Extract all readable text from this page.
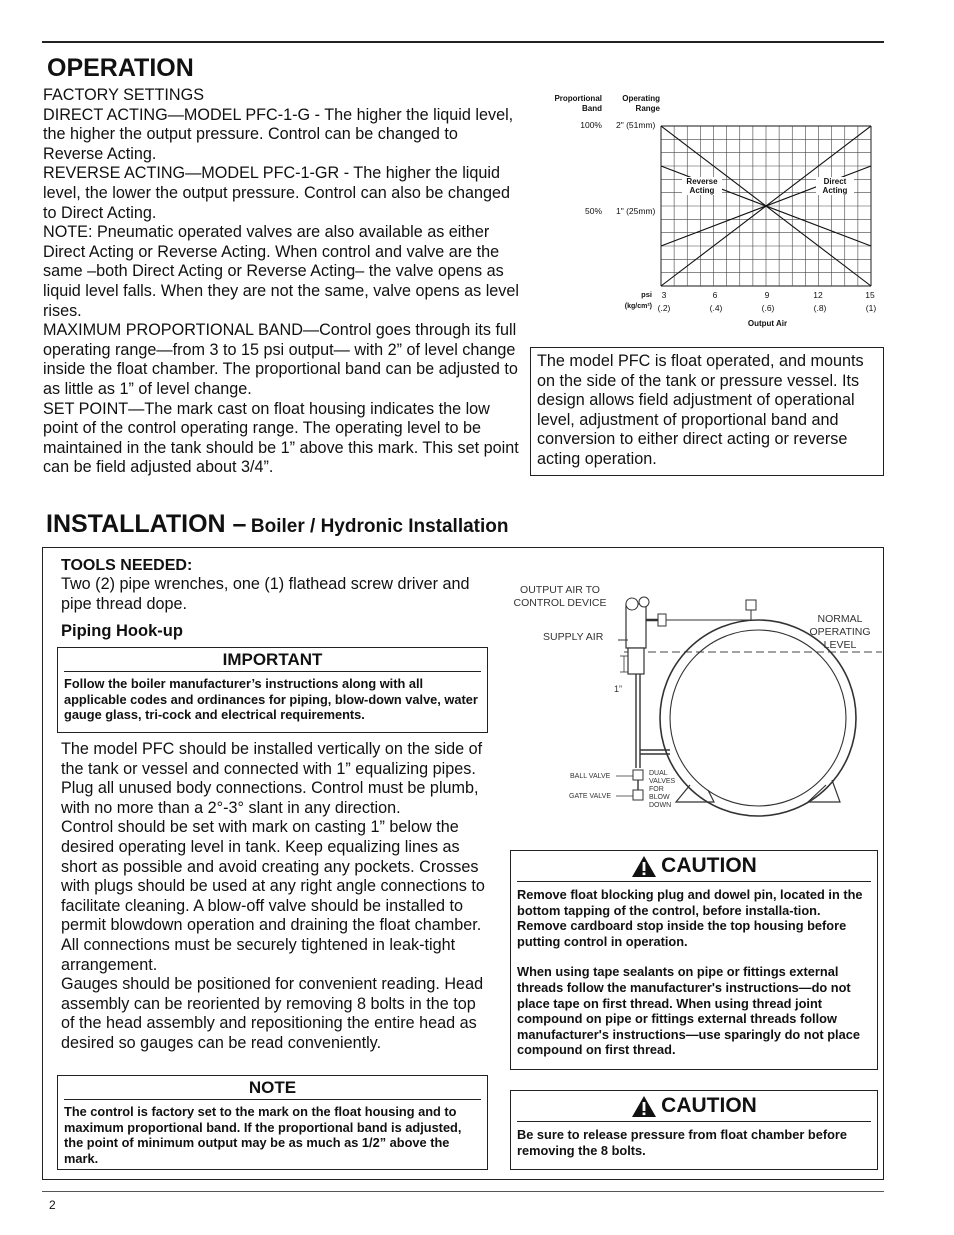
OPERATION

FACTORY SETTINGS

DIRECT ACTING—MODEL PFC-1-G - The higher the liquid level, the higher the output pressure. Control can be changed to Reverse Acting.

REVERSE ACTING—MODEL PFC-1-GR - The higher the liquid level, the lower the output pressure. Control can also be changed to Direct Acting.

NOTE: Pneumatic operated valves are also available as either Direct Acting or Reverse Acting. When control and valve are the same –both Direct Acting or Reverse Acting– the valve opens as liquid level falls. When they are not the same, valve opens as level rises.

MAXIMUM PROPORTIONAL BAND—Control goes through its full operating range—from 3 to 15 psi output— with 2” of level change inside the float chamber. The proportional band can be adjusted to as little as 1” of level change.

SET POINT—The mark cast on float housing indicates the low point of the control operating range. The operating level to be maintained in the tank should be 1” above this mark. This set point can be field adjusted about 3/4”.

Proportional Band
Operating Range
100% 2" (51mm)
50% 1" (25mm)
psi
(kg/cm²)
3	6	9	12	15
(.2)	(.4)	(.6)	(.8)	(1)
Output Air
Reverse Acting
Direct Acting
The model PFC is float operated, and mounts on the side of the tank or pressure vessel. Its design allows field adjustment of operational level, adjustment of proportional band and conversion to either direct acting or reverse acting operation.
INSTALLATION – Boiler / Hydronic Installation
TOOLS NEEDED:
Two (2) pipe wrenches, one (1) flathead screw driver and pipe thread dope.
Piping Hook-up
IMPORTANT
Follow the boiler manufacturer’s instructions along with all applicable codes and ordinances for piping, blow-down valve, water gauge glass, tri-cock and electrical requirements.

The model PFC should be installed vertically on the side of the tank or vessel and connected with 1” equalizing pipes. Plug all unused body connections. Control must be plumb, with no more than a 2°-3° slant in any direction.

Control should be set with mark on casting 1” below the desired operating level in tank. Keep equalizing lines as short as possible and avoid creating any pockets. Crosses with plugs should be used at any right angle connections to facilitate cleaning. A blow-off valve should be installed to permit blowdown operation and draining the float chamber. All connections must be securely tightened in leak-tight arrangement.

Gauges should be positioned for convenient reading. Head assembly can be reoriented by removing 8 bolts in the top of the head assembly and repositioning the entire head as desired so gauges can be read conveniently.

NOTE
The control is factory set to the mark on the float housing and to maximum proportional band. If the proportional band is adjusted, the point of minimum output may be as much as 1/2” above the mark.
OUTPUT AIR TO CONTROL DEVICE
SUPPLY AIR
NORMAL OPERATING LEVEL
1”
BALL VALVE
GATE VALVE
DUAL VALVES FOR BLOW DOWN
CAUTION

Remove float blocking plug and dowel pin, located in the bottom tapping of the control, before installa-tion. Remove cardboard stop inside the top housing before putting control in operation.

When using tape sealants on pipe or fittings external threads follow the manufacturer's instructions—do not place tape on first thread. When using thread joint compound on pipe or fittings external threads follow manufacturer's instructions—use sparingly do not place compound on first thread.

CAUTION
Be sure to release pressure from float chamber before removing the 8 bolts.
2
